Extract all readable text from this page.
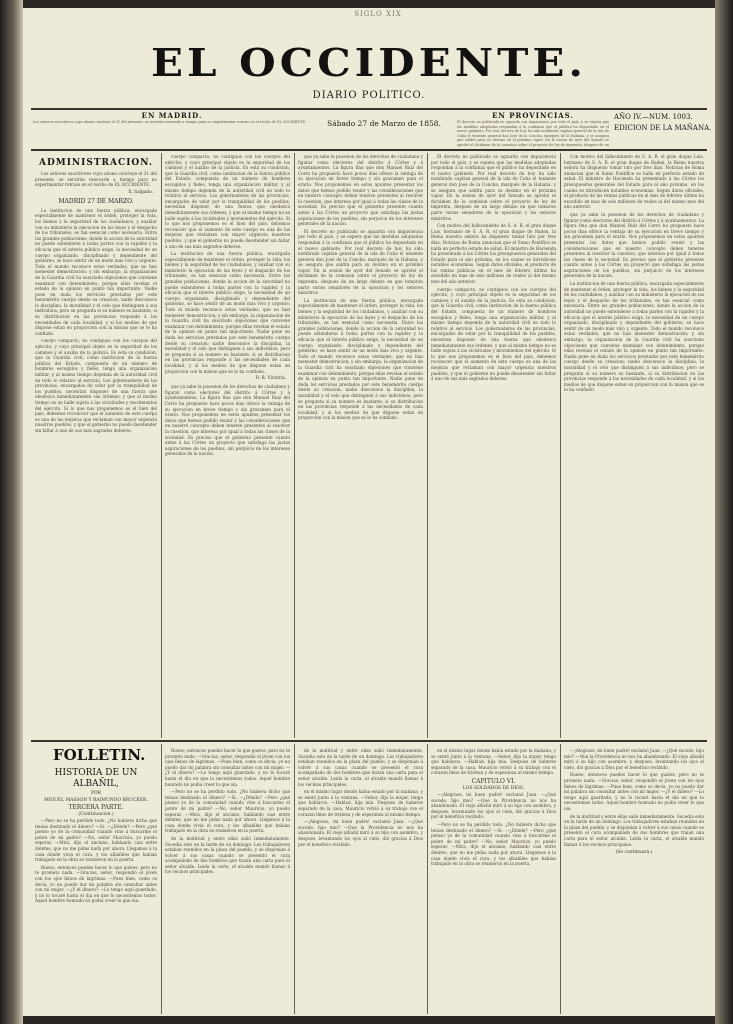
SIGLO XIX
EL OCCIDENTE.
DIARIO POLITICO.
EN MADRID.
Los señores suscritores cuyo abono concluye el 31 del presente, se servirán renovarle a tiempo para no experimentar retraso en el recibo de EL OCCIDENTE.	Sábado 27 de Marzo de 1858.
EN PROVINCIAS.
El decreto no publicado se aguarda con impaciencia por todo el país, y se espera que las medidas adoptadas respondan á la confianza que el público ha depositado en el nuevo gabinete. Por real decreto de hoy ha sido nombrado capitan general de la isla de Cuba el teniente general don José de la Concha, marqués de la Habana, y se asegura que saldrá para su destino en el próximo vapor. En la sesion de ayer del Senado se aprobó el dictámen de la comision sobre el proyecto de ley de imprenta, despues de un
AÑO IV.—NUM. 1003.
EDICION DE LA MAÑANA.
ADMINISTRACION.

Los señores suscritores cuyo abono concluye el 31 del presente, se servirán renovarle a tiempo para no experimentar retraso en el recibo de EL OCCIDENTE.

X. Salgado.
MADRID 27 DE MARZO.

La institucion de una fuerza pública, encargada especialmente de mantener el órden, proteger la vida, los bienes y la seguridad de los ciudadanos, y auxiliar con su ministerio la ejecucion de las leyes y el despacho de los tribunales, es tan esencial como necesaria. Entre las grandes poblaciones, donde la accion de la autoridad no puede extenderse á todas partes con la rapidez y la eficacia que el interés público exige, la necesidad de un cuerpo organizado, disciplinado y dependiente del gobierno, se hace sentir de un modo más vivo y urgente. Todo el mundo reconoce estas verdades, que no han menester demostracion; y sin embargo, la organizacion de la Guardia civil ha suscitado objeciones que conviene examinar con detenimiento, porque ellas revelan el estado de la opinion en punto tan importante. Nadie pone en duda los servicios prestados por este benemérito cuerpo desde su creacion; nadie desconoce la disciplina, la moralidad y el celo que distinguen á sus individuos; pero se pregunta si su numero es bastante, si su distribucion en las provincias responde á las necesidades de cada localidad, y si los medios de que dispone estan en proporcion con la mision que se le ha confiado.

cuerpo compacto, no contiguos con los cuerpos del ejército, y cuyo principal objeto es la seguridad de los caminos y el auxilio de la justicia. Es esta su condicion, que la Guardia civil, como institucion de la fuerza pública del Estado, compuesta de un número de hombres escogidos y fieles, tenga una organizacion militar, y al mismo tiempo dependa de la autoridad civil en todo lo relativo al servicio. Los gobernadores de las provincias, encargados de velar por la tranquilidad de los pueblos, necesitan disponer de una fuerza que obedezca inmediatamente sus órdenes, y que al mismo tiempo no se halle sujeta á las vicisitudes y movimientos del ejército. Si lo que nos proponemos es el bien del pais, debemos reconocer que el aumento de este cuerpo es una de las mejoras que reclaman con mayor urgencia nuestros pueblos, y que el gobierno no puede desatender sin faltar á uno de sus más sagrados deberes.

cuerpo compacto, no contiguos con los cuerpos del ejército, y cuyo principal objeto es la seguridad de los caminos y el auxilio de la justicia. Es esta su condicion, que la Guardia civil, como institucion de la fuerza pública del Estado, compuesta de un número de hombres escogidos y fieles, tenga una organizacion militar, y al mismo tiempo dependa de la autoridad civil en todo lo relativo al servicio. Los gobernadores de las provincias, encargados de velar por la tranquilidad de los pueblos, necesitan disponer de una fuerza que obedezca inmediatamente sus órdenes, y que al mismo tiempo no se halle sujeta á las vicisitudes y movimientos del ejército. Si lo que nos proponemos es el bien del pais, debemos reconocer que el aumento de este cuerpo es una de las mejoras que reclaman con mayor urgencia nuestros pueblos, y que el gobierno no puede desatender sin faltar á uno de sus más sagrados deberes.

La institucion de una fuerza pública, encargada especialmente de mantener el órden, proteger la vida, los bienes y la seguridad de los ciudadanos, y auxiliar con su ministerio la ejecucion de las leyes y el despacho de los tribunales, es tan esencial como necesaria. Entre las grandes poblaciones, donde la accion de la autoridad no puede extenderse á todas partes con la rapidez y la eficacia que el interés público exige, la necesidad de un cuerpo organizado, disciplinado y dependiente del gobierno, se hace sentir de un modo más vivo y urgente. Todo el mundo reconoce estas verdades, que no han menester demostracion; y sin embargo, la organizacion de la Guardia civil ha suscitado objeciones que conviene examinar con detenimiento, porque ellas revelan el estado de la opinion en punto tan importante. Nadie pone en duda los servicios prestados por este benemérito cuerpo desde su creacion; nadie desconoce la disciplina, la moralidad y el celo que distinguen á sus individuos; pero se pregunta si su numero es bastante, si su distribucion en las provincias responde á las necesidades de cada localidad, y si los medios de que dispone estan en proporcion con la mision que se le ha confiado.

D. R. Victoria.

que ya sabe la posesion de los derechos de ciudadano y figurar como electores del distrito á Córtes y á ayuntamientos. La figura fina que don Manuel Ruiz del Cerro ha propuesto hace pocos dias ofrece la ventaja de su ejecucion en breve tiempo y sin gravamen para el erario. Nos proponemos en estos apuntes presentar los datos que hemos podido reunir y las consideraciones que en nuestro concepto deben tenerse presentes al resolver la cuestion, que interesa por igual á todas las clases de la sociedad. Es preciso que el gobierno presente cuanto antes á las Córtes un proyecto que satisfaga las justas aspiraciones de los pueblos, sin perjuicio de los intereses generales de la nacion.

que ya sabe la posesion de los derechos de ciudadano y figurar como electores del distrito á Córtes y á ayuntamientos. La figura fina que don Manuel Ruiz del Cerro ha propuesto hace pocos dias ofrece la ventaja de su ejecucion en breve tiempo y sin gravamen para el erario. Nos proponemos en estos apuntes presentar los datos que hemos podido reunir y las consideraciones que en nuestro concepto deben tenerse presentes al resolver la cuestion, que interesa por igual á todas las clases de la sociedad. Es preciso que el gobierno presente cuanto antes á las Córtes un proyecto que satisfaga las justas aspiraciones de los pueblos, sin perjuicio de los intereses generales de la nacion.

El decreto no publicado se aguarda con impaciencia por todo el país, y se espera que las medidas adoptadas respondan á la confianza que el público ha depositado en el nuevo gabinete. Por real decreto de hoy ha sido nombrado capitan general de la isla de Cuba el teniente general don José de la Concha, marqués de la Habana, y se asegura que saldrá para su destino en el próximo vapor. En la sesion de ayer del Senado se aprobó el dictámen de la comision sobre el proyecto de ley de imprenta, despues de un largo debate en que tomaron parte varios senadores de la oposicion y los señores ministros.

La institucion de una fuerza pública, encargada especialmente de mantener el órden, proteger la vida, los bienes y la seguridad de los ciudadanos, y auxiliar con su ministerio la ejecucion de las leyes y el despacho de los tribunales, es tan esencial como necesaria. Entre las grandes poblaciones, donde la accion de la autoridad no puede extenderse á todas partes con la rapidez y la eficacia que el interés público exige, la necesidad de un cuerpo organizado, disciplinado y dependiente del gobierno, se hace sentir de un modo más vivo y urgente. Todo el mundo reconoce estas verdades, que no han menester demostracion; y sin embargo, la organizacion de la Guardia civil ha suscitado objeciones que conviene examinar con detenimiento, porque ellas revelan el estado de la opinion en punto tan importante. Nadie pone en duda los servicios prestados por este benemérito cuerpo desde su creacion; nadie desconoce la disciplina, la moralidad y el celo que distinguen á sus individuos; pero se pregunta si su numero es bastante, si su distribucion en las provincias responde á las necesidades de cada localidad, y si los medios de que dispone estan en proporcion con la mision que se le ha confiado.

El decreto no publicado se aguarda con impaciencia por todo el país, y se espera que las medidas adoptadas respondan á la confianza que el público ha depositado en el nuevo gabinete. Por real decreto de hoy ha sido nombrado capitan general de la isla de Cuba el teniente general don José de la Concha, marqués de la Habana, y se asegura que saldrá para su destino en el próximo vapor. En la sesion de ayer del Senado se aprobó el dictámen de la comision sobre el proyecto de ley de imprenta, despues de un largo debate en que tomaron parte varios senadores de la oposicion y los señores ministros.

Con motivo del fallecimiento de S. A. R. el gran duque Luis, hermano de S. A. R. el gran duque de Baden, la Reina nuestra señora ha dispuesto tomar luto por tres dias. Noticias de Roma anuncian que el Sumo Pontífice se halla en perfecto estado de salud. El ministro de Hacienda ha presentado á las Córtes los presupuestos generales del Estado para el año próximo, en los cuales se introducen notables economías. Segun datos oficiales, el producto de las rentas públicas en el mes de febrero último ha excedido en mas de seis millones de reales al del mismo mes del año anterior.

cuerpo compacto, no contiguos con los cuerpos del ejército, y cuyo principal objeto es la seguridad de los caminos y el auxilio de la justicia. Es esta su condicion, que la Guardia civil, como institucion de la fuerza pública del Estado, compuesta de un número de hombres escogidos y fieles, tenga una organizacion militar, y al mismo tiempo dependa de la autoridad civil en todo lo relativo al servicio. Los gobernadores de las provincias, encargados de velar por la tranquilidad de los pueblos, necesitan disponer de una fuerza que obedezca inmediatamente sus órdenes, y que al mismo tiempo no se halle sujeta á las vicisitudes y movimientos del ejército. Si lo que nos proponemos es el bien del pais, debemos reconocer que el aumento de este cuerpo es una de las mejoras que reclaman con mayor urgencia nuestros pueblos, y que el gobierno no puede desatender sin faltar á uno de sus más sagrados deberes.

Con motivo del fallecimiento de S. A. R. el gran duque Luis, hermano de S. A. R. el gran duque de Baden, la Reina nuestra señora ha dispuesto tomar luto por tres dias. Noticias de Roma anuncian que el Sumo Pontífice se halla en perfecto estado de salud. El ministro de Hacienda ha presentado á las Córtes los presupuestos generales del Estado para el año próximo, en los cuales se introducen notables economías. Segun datos oficiales, el producto de las rentas públicas en el mes de febrero último ha excedido en mas de seis millones de reales al del mismo mes del año anterior.

que ya sabe la posesion de los derechos de ciudadano y figurar como electores del distrito á Córtes y á ayuntamientos. La figura fina que don Manuel Ruiz del Cerro ha propuesto hace pocos dias ofrece la ventaja de su ejecucion en breve tiempo y sin gravamen para el erario. Nos proponemos en estos apuntes presentar los datos que hemos podido reunir y las consideraciones que en nuestro concepto deben tenerse presentes al resolver la cuestion, que interesa por igual á todas las clases de la sociedad. Es preciso que el gobierno presente cuanto antes á las Córtes un proyecto que satisfaga las justas aspiraciones de los pueblos, sin perjuicio de los intereses generales de la nacion.

La institucion de una fuerza pública, encargada especialmente de mantener el órden, proteger la vida, los bienes y la seguridad de los ciudadanos, y auxiliar con su ministerio la ejecucion de las leyes y el despacho de los tribunales, es tan esencial como necesaria. Entre las grandes poblaciones, donde la accion de la autoridad no puede extenderse á todas partes con la rapidez y la eficacia que el interés público exige, la necesidad de un cuerpo organizado, disciplinado y dependiente del gobierno, se hace sentir de un modo más vivo y urgente. Todo el mundo reconoce estas verdades, que no han menester demostracion; y sin embargo, la organizacion de la Guardia civil ha suscitado objeciones que conviene examinar con detenimiento, porque ellas revelan el estado de la opinion en punto tan importante. Nadie pone en duda los servicios prestados por este benemérito cuerpo desde su creacion; nadie desconoce la disciplina, la moralidad y el celo que distinguen á sus individuos; pero se pregunta si su numero es bastante, si su distribucion en las provincias responde á las necesidades de cada localidad, y si los medios de que dispone estan en proporcion con la mision que se le ha confiado.

FOLLETIN.
HISTORIA DE UN ALBAÑIL,
POR
MIGUEL MASSON Y RAIMUNDO BRUCKER.
TERCERA PARTE.
(Continuacion.)

—Pero no se ha perdido todo. ¿No hubiera dicho que tenias destinado el dinero? —Si. —¿Dónde? —Pero ¿qué pienso yo de la comunidad cuando vino á buscarme el pobre de mi padre? —No, señor Mauricio, yo puedo esperar. —Mira, dijo el anciano, hablando casi entre dientes, que no me pidas nada por ahora. Llegamos á la casa donde vivia el cura, y los albañiles que habian trabajado en la obra se reunieron en la puerta.

Bueno, entonces puedes hacer lo que gustes, pero no te prometo nada. —Gracias, señor, respondió el jóven con los ojos llenos de lágrimas. —Pues bien, como os decia, yo no puedo dar mi palabra sin consultar antes con mi mujer. —¿Y el dinero? —Lo tengo aquí guardado, y no lo tocaré hasta el dia en que lo necesitemos todos. Aquel hombre honrado no podia creer lo que oia.

Bueno, entonces puedes hacer lo que gustes, pero no te prometo nada. —Gracias, señor, respondió el jóven con los ojos llenos de lágrimas. —Pues bien, como os decia, yo no puedo dar mi palabra sin consultar antes con mi mujer. —¿Y el dinero? —Lo tengo aquí guardado, y no lo tocaré hasta el dia en que lo necesitemos todos. Aquel hombre honrado no podia creer lo que oia.

—Pero no se ha perdido todo. ¿No hubiera dicho que tenias destinado el dinero? —Si. —¿Dónde? —Pero ¿qué pienso yo de la comunidad cuando vino á buscarme el pobre de mi padre? —No, señor Mauricio, yo puedo esperar. —Mira, dijo el anciano, hablando casi entre dientes, que no me pidas nada por ahora. Llegamos á la casa donde vivia el cura, y los albañiles que habian trabajado en la obra se reunieron en la puerta.

de la multitud y entre ellas salió inmediatamente. Sucedia esto en la tarde de un domingo. Los trabajadores estaban reunidos en la plaza del pueblo, y se disponian á volver á sus casas cuando se presentó el cura acompañado de dos hombres que traian una carta para el señor alcalde. Leida la carta, el alcalde mandó llamar á los vecinos principales.

de la multitud y entre ellas salió inmediatamente. Sucedia esto en la tarde de un domingo. Los trabajadores estaban reunidos en la plaza del pueblo, y se disponian á volver á sus casas cuando se presentó el cura acompañado de dos hombres que traian una carta para el señor alcalde. Leida la carta, el alcalde mandó llamar á los vecinos principales.

en el mismo lugar donde habia estado por la mañana, y se sentó junto á la ventana. —Señor, dijo la mujer, tengo que hablaros. —Hablad, hija mia. Despues de haberse separado de la casa, Mauricio volvió á su trabajo con el corazon lleno de tristeza y de esperanza al mismo tiempo.

—¡Alegraos, mi buen padre! exclamó Juan. —¿Qué sucede, hijo mio? —Que la Providencia no nos ha abandonado. El viejo albañil miró á su hijo con asombro, y despues, levantando los ojos al cielo, dió gracias á Dios por el beneficio recibido.

en el mismo lugar donde habia estado por la mañana, y se sentó junto á la ventana. —Señor, dijo la mujer, tengo que hablaros. —Hablad, hija mia. Despues de haberse separado de la casa, Mauricio volvió á su trabajo con el corazon lleno de tristeza y de esperanza al mismo tiempo.

CAPITULO VI.
LOS SOLDADOS DE DIOS.

—¡Alegraos, mi buen padre! exclamó Juan. —¿Qué sucede, hijo mio? —Que la Providencia no nos ha abandonado. El viejo albañil miró á su hijo con asombro, y despues, levantando los ojos al cielo, dió gracias á Dios por el beneficio recibido.

—Pero no se ha perdido todo. ¿No hubiera dicho que tenias destinado el dinero? —Si. —¿Dónde? —Pero ¿qué pienso yo de la comunidad cuando vino á buscarme el pobre de mi padre? —No, señor Mauricio, yo puedo esperar. —Mira, dijo el anciano, hablando casi entre dientes, que no me pidas nada por ahora. Llegamos á la casa donde vivia el cura, y los albañiles que habian trabajado en la obra se reunieron en la puerta.

—¡Alegraos, mi buen padre! exclamó Juan. —¿Qué sucede, hijo mio? —Que la Providencia no nos ha abandonado. El viejo albañil miró á su hijo con asombro, y despues, levantando los ojos al cielo, dió gracias á Dios por el beneficio recibido.

Bueno, entonces puedes hacer lo que gustes, pero no te prometo nada. —Gracias, señor, respondió el jóven con los ojos llenos de lágrimas. —Pues bien, como os decia, yo no puedo dar mi palabra sin consultar antes con mi mujer. —¿Y el dinero? —Lo tengo aquí guardado, y no lo tocaré hasta el dia en que lo necesitemos todos. Aquel hombre honrado no podia creer lo que oia.

de la multitud y entre ellas salió inmediatamente. Sucedia esto en la tarde de un domingo. Los trabajadores estaban reunidos en la plaza del pueblo, y se disponian á volver á sus casas cuando se presentó el cura acompañado de dos hombres que traian una carta para el señor alcalde. Leida la carta, el alcalde mandó llamar á los vecinos principales.

(Se continuará.)
